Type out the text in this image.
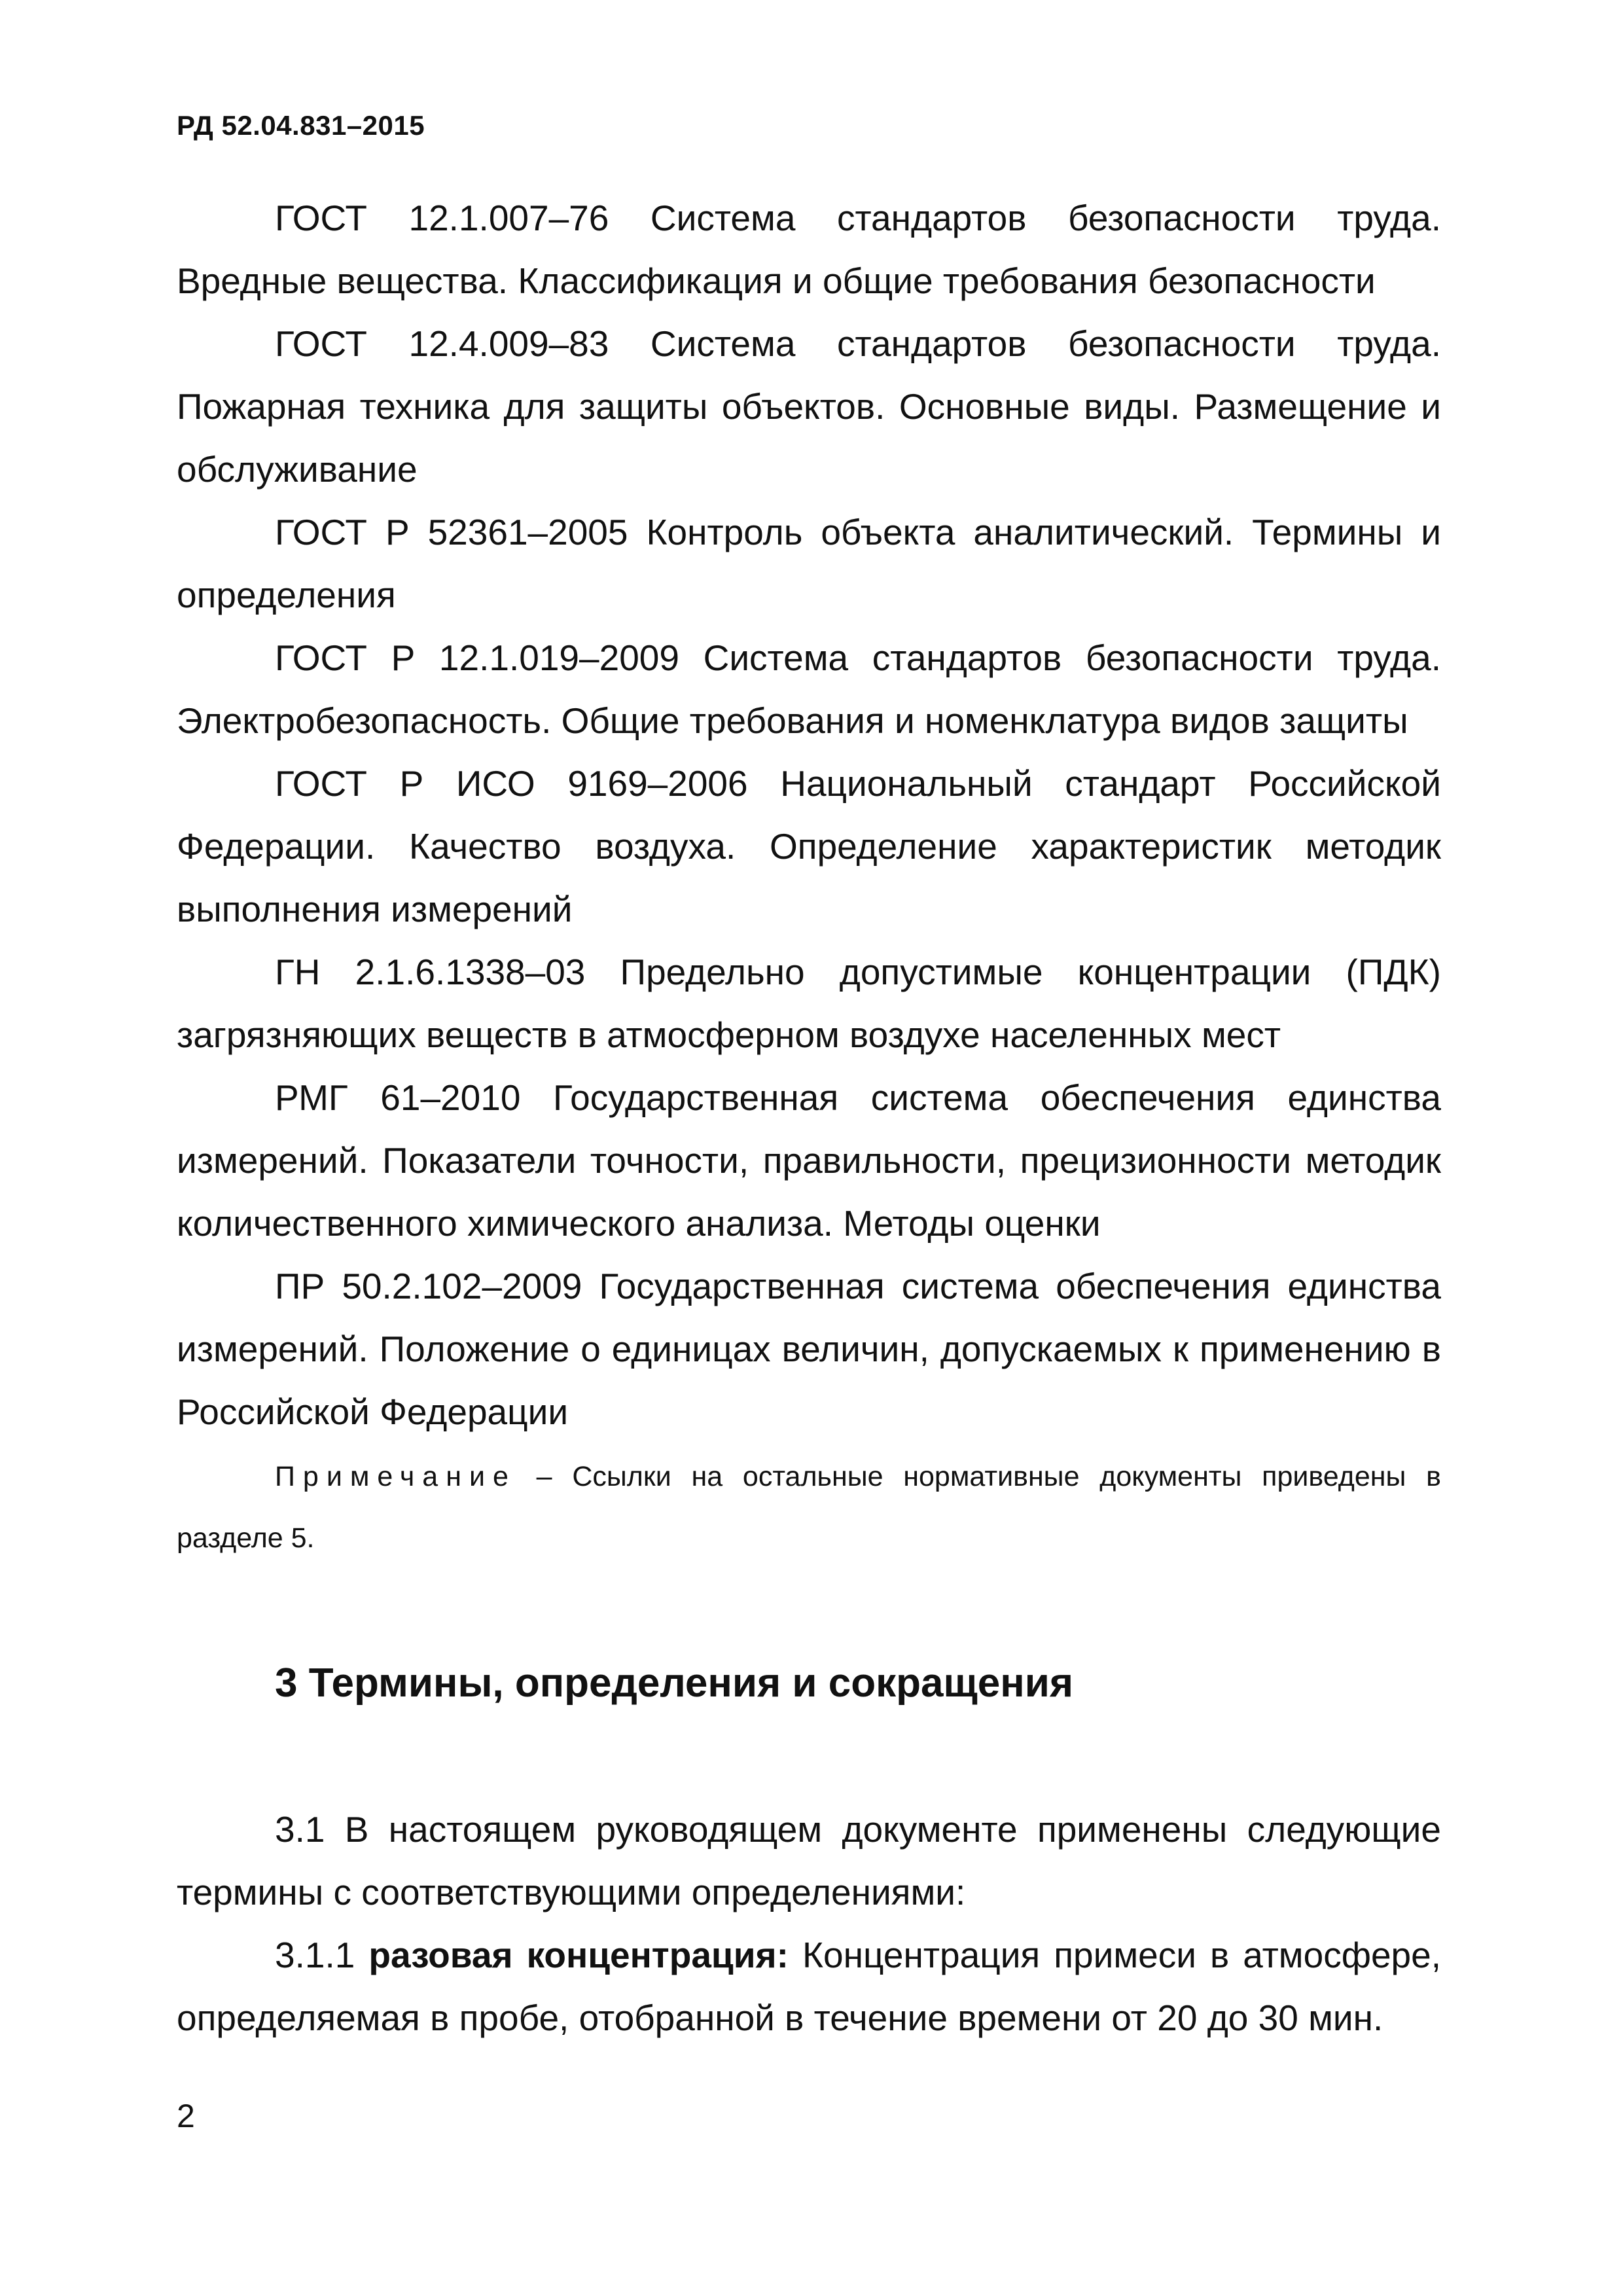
РД 52.04.831–2015

ГОСТ 12.1.007–76 Система стандартов безопасности труда. Вредные вещества. Классификация и общие требования безопасности

ГОСТ 12.4.009–83 Система стандартов безопасности труда. Пожарная техника для защиты объектов. Основные виды. Размещение и обслуживание

ГОСТ Р 52361–2005 Контроль объекта аналитический. Термины и определения

ГОСТ Р 12.1.019–2009 Система стандартов безопасности труда. Электробезопасность. Общие требования и номенклатура видов защиты

ГОСТ Р ИСО 9169–2006 Национальный стандарт Российской Федерации. Качество воздуха. Определение характеристик методик выполнения измерений

ГН 2.1.6.1338–03 Предельно допустимые концентрации (ПДК) загрязняющих веществ в атмосферном воздухе населенных мест

РМГ 61–2010 Государственная система обеспечения единства измерений. Показатели точности, правильности, прецизионности методик количественного химического анализа. Методы оценки

ПР 50.2.102–2009 Государственная система обеспечения единства измерений. Положение о единицах величин, допускаемых к применению в Российской Федерации

Примечание – Ссылки на остальные нормативные документы приведены в разделе 5.

3 Термины, определения и сокращения

3.1 В настоящем руководящем документе применены следующие термины с соответствующими определениями:

3.1.1 разовая концентрация: Концентрация примеси в атмосфере, определяемая в пробе, отобранной в течение времени от 20 до 30 мин.

2
